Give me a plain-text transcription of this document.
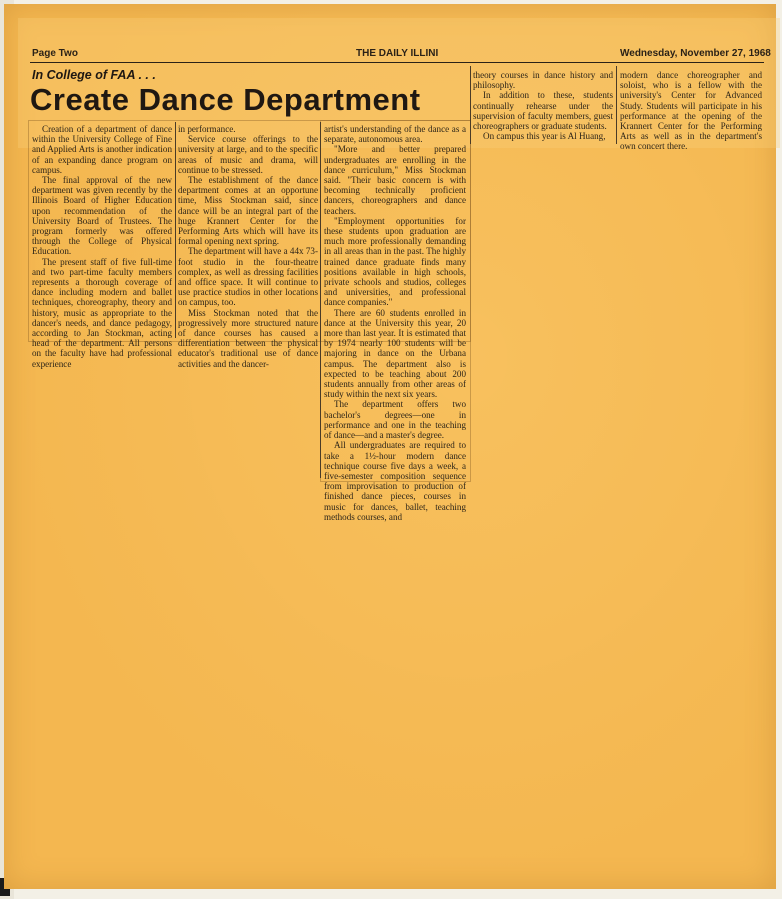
Page Two	THE DAILY ILLINI	Wednesday, November 27, 1968
In College of FAA . . .
Create Dance Department

Creation of a department of dance within the University College of Fine and Applied Arts is another indication of an expanding dance program on campus.

The final approval of the new department was given recently by the Illinois Board of Higher Education upon recommendation of the University Board of Trustees. The program formerly was offered through the College of Physical Education.

The present staff of five full-time and two part-time faculty members represents a thorough coverage of dance including modern and ballet techniques, choreography, theory and history, music as appropriate to the dancer's needs, and dance pedagogy, according to Jan Stockman, acting head of the department. All persons on the faculty have had professional experience

in performance.

Service course offerings to the university at large, and to the specific areas of music and drama, will continue to be stressed.

The establishment of the dance department comes at an opportune time, Miss Stockman said, since dance will be an integral part of the huge Krannert Center for the Performing Arts which will have its formal opening next spring.

The department will have a 44x 73-foot studio in the four-theatre complex, as well as dressing facilities and office space. It will continue to use practice studios in other locations on campus, too.

Miss Stockman noted that the progressively more structured nature of dance courses has caused a differentiation between the physical educator's traditional use of dance activities and the dancer-

artist's understanding of the dance as a separate, autonomous area.

"More and better prepared undergraduates are enrolling in the dance curriculum," Miss Stockman said. "Their basic concern is with becoming technically proficient dancers, choreographers and dance teachers.

"Employment opportunities for these students upon graduation are much more professionally demanding in all areas than in the past. The highly trained dance graduate finds many positions available in high schools, private schools and studios, colleges and universities, and professional dance companies."

There are 60 students enrolled in dance at the University this year, 20 more than last year. It is estimated that by 1974 nearly 100 students will be majoring in dance on the Urbana campus. The department also is expected to be teaching about 200 students annually from other areas of study within the next six years.

The department offers two bachelor's degrees—one in performance and one in the teaching of dance—and a master's degree.

All undergraduates are required to take a 1½-hour modern dance technique course five days a week, a five-semester composition sequence from improvisation to production of finished dance pieces, courses in music for dances, ballet, teaching methods courses, and

theory courses in dance history and philosophy.

In addition to these, students continually rehearse under the supervision of faculty members, guest choreographers or graduate students.

On campus this year is Al Huang,

modern dance choreographer and soloist, who is a fellow with the university's Center for Advanced Study. Students will participate in his performance at the opening of the Krannert Center for the Performing Arts as well as in the department's own concert there.
